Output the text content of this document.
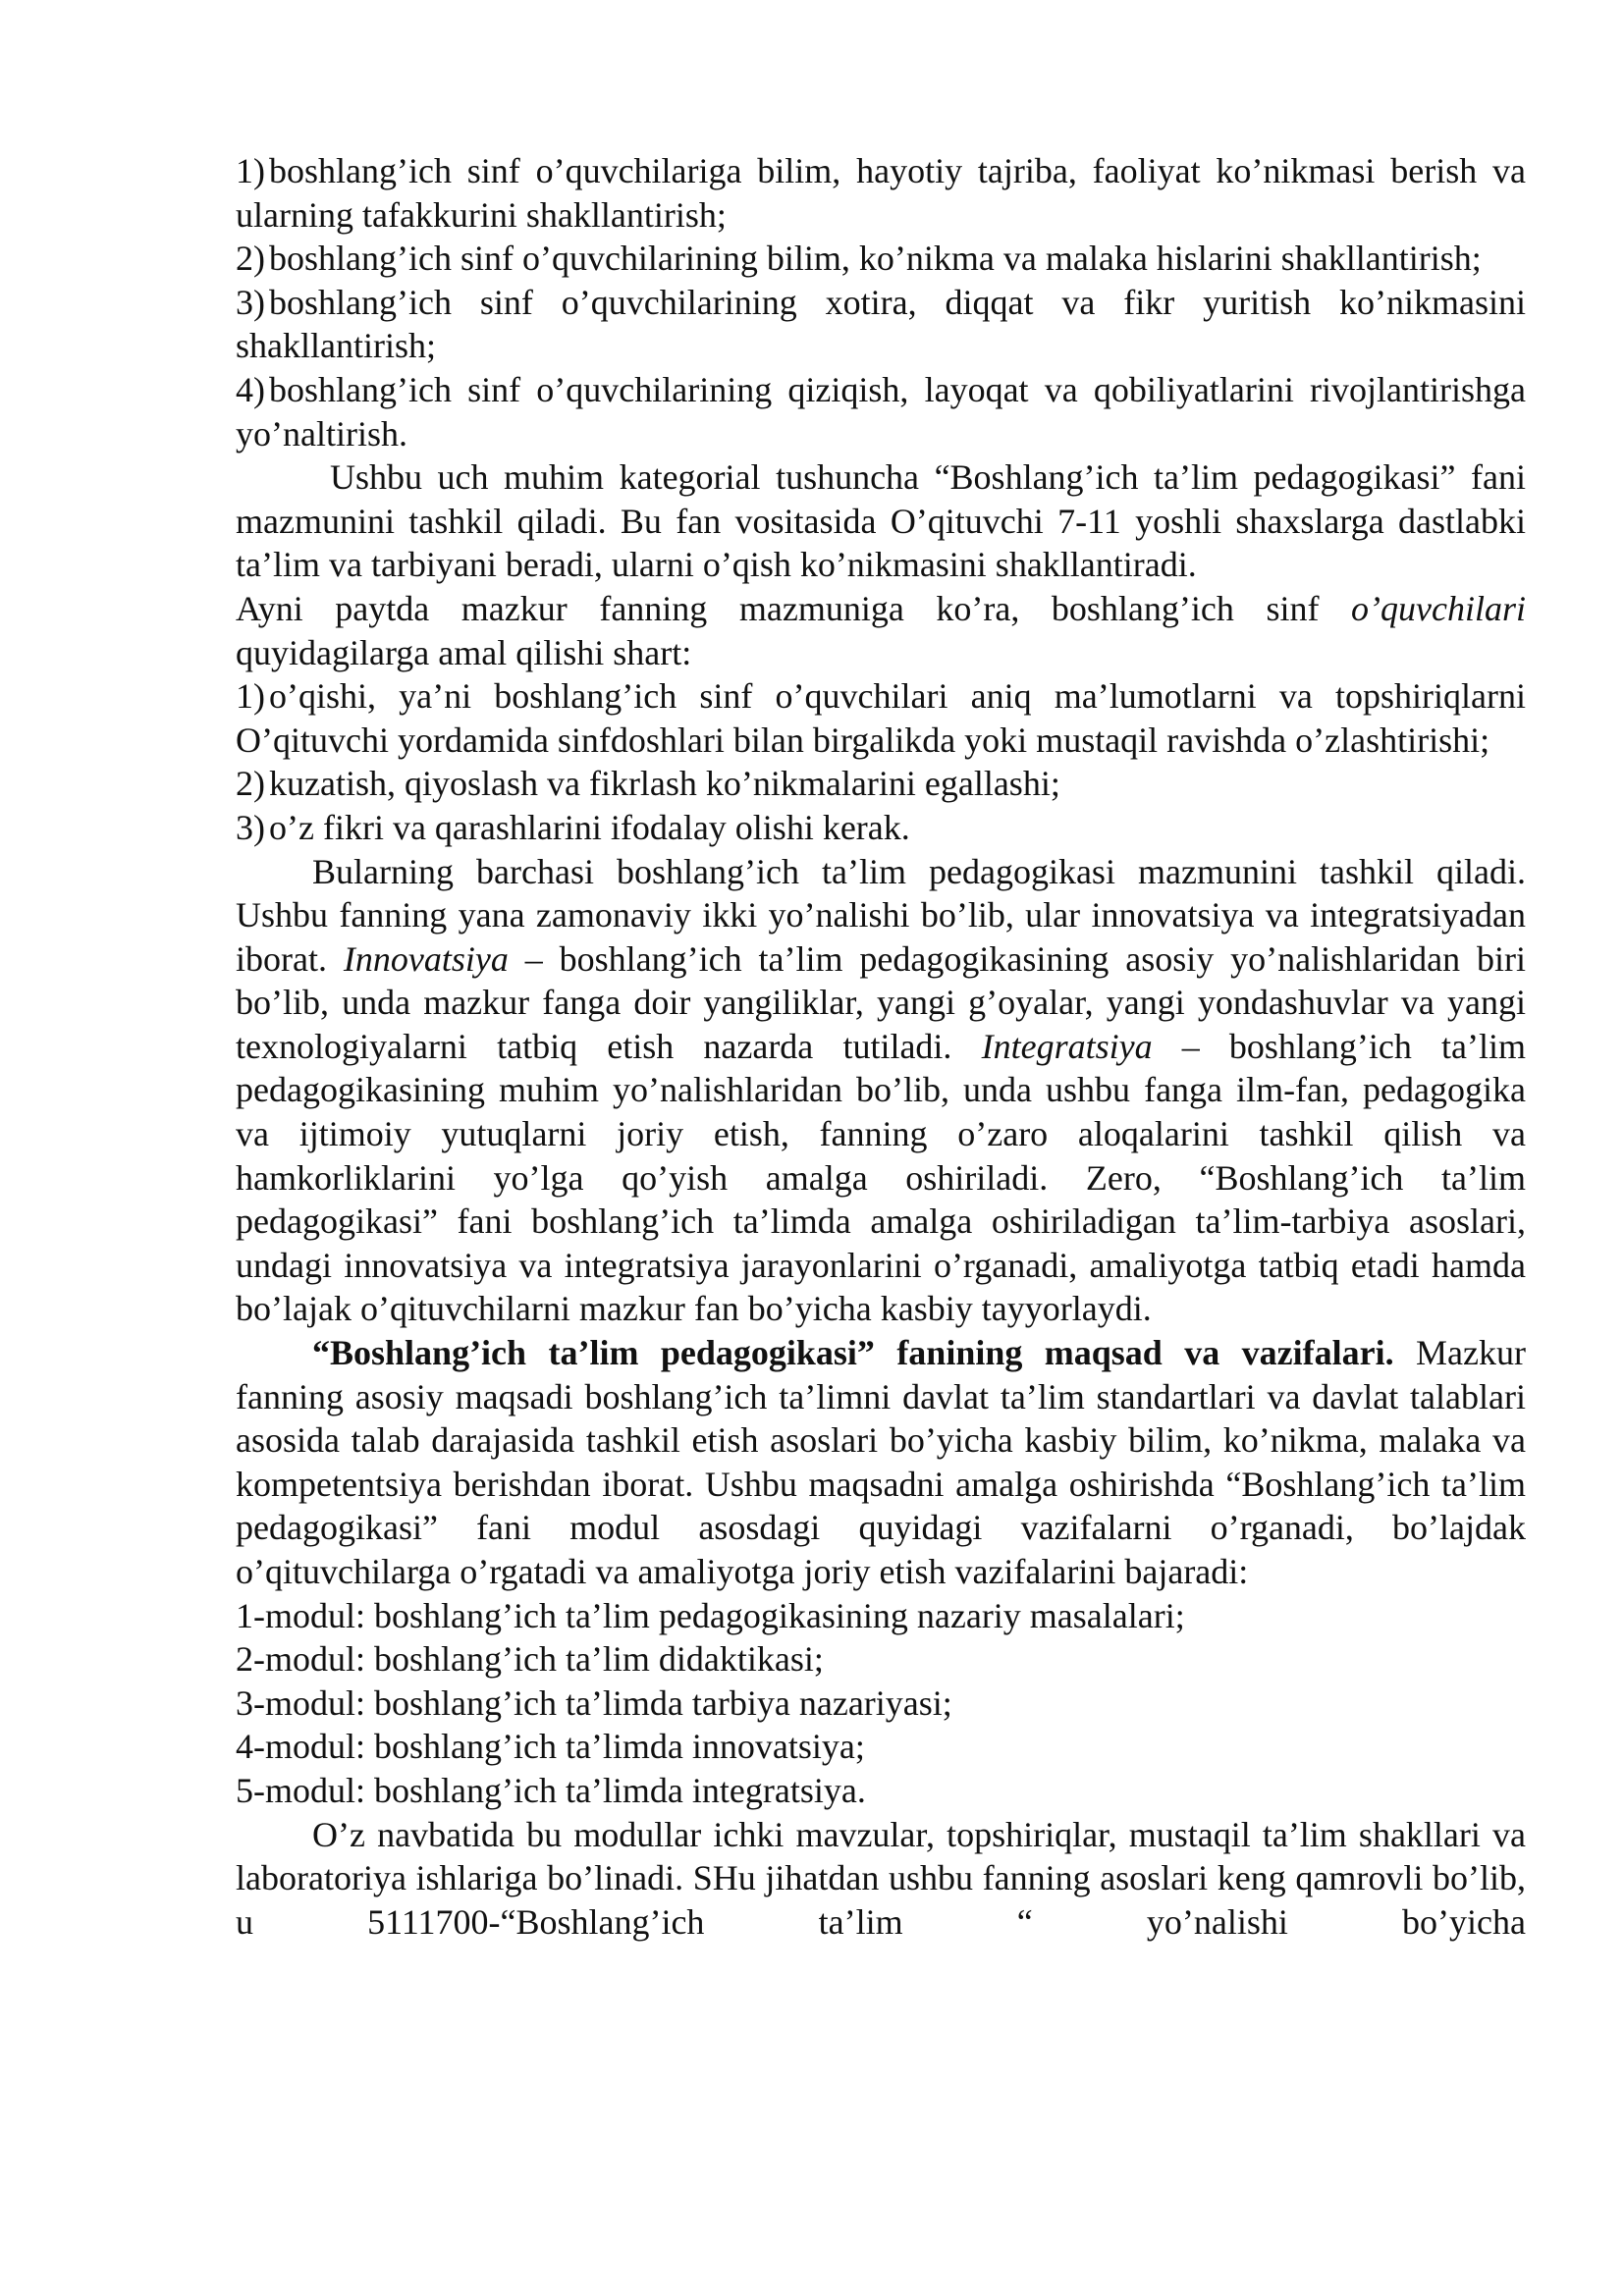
1) boshlang’ich sinf o’quvchilariga bilim, hayotiy tajriba, faoliyat ko’nikmasi berish va ularning tafakkurini shakllantirish;

2) boshlang’ich sinf o’quvchilarining bilim, ko’nikma va malaka hislarini shakllantirish;

3) boshlang’ich sinf o’quvchilarining xotira, diqqat va fikr yuritish ko’nikmasini shakllantirish;

4) boshlang’ich sinf o’quvchilarining qiziqish, layoqat va qobiliyatlarini rivojlantirishga yo’naltirish.

Ushbu uch muhim kategorial tushuncha “Boshlang’ich ta’lim pedagogikasi” fani mazmunini tashkil qiladi. Bu fan vositasida O’qituvchi 7-11 yoshli shaxslarga dastlabki ta’lim va tarbiyani beradi, ularni o’qish ko’nikmasini shakllantiradi.

Ayni paytda mazkur fanning mazmuniga ko’ra, boshlang’ich sinf o’quvchilari quyidagilarga amal qilishi shart:

1) o’qishi, ya’ni boshlang’ich sinf o’quvchilari aniq ma’lumotlarni va topshiriqlarni O’qituvchi yordamida sinfdoshlari bilan birgalikda yoki mustaqil ravishda o’zlashtirishi;

2) kuzatish, qiyoslash va fikrlash ko’nikmalarini egallashi;

3) o’z fikri va qarashlarini ifodalay olishi kerak.

Bularning barchasi boshlang’ich ta’lim pedagogikasi mazmunini tashkil qiladi. Ushbu fanning yana zamonaviy ikki yo’nalishi bo’lib, ular innovatsiya va integratsiyadan iborat. Innovatsiya – boshlang’ich ta’lim pedagogikasining asosiy yo’nalishlaridan biri bo’lib, unda mazkur fanga doir yangiliklar, yangi g’oyalar, yangi yondashuvlar va yangi texnologiyalarni tatbiq etish nazarda tutiladi. Integratsiya – boshlang’ich ta’lim pedagogikasining muhim yo’nalishlaridan bo’lib, unda ushbu fanga ilm-fan, pedagogika va ijtimoiy yutuqlarni joriy etish, fanning o’zaro aloqalarini tashkil qilish va hamkorliklarini yo’lga qo’yish amalga oshiriladi. Zero, “Boshlang’ich ta’lim pedagogikasi” fani boshlang’ich ta’limda amalga oshiriladigan ta’lim-tarbiya asoslari, undagi innovatsiya va integratsiya jarayonlarini o’rganadi, amaliyotga tatbiq etadi hamda bo’lajak o’qituvchilarni mazkur fan bo’yicha kasbiy tayyorlaydi.

“Boshlang’ich ta’lim pedagogikasi” fanining maqsad va vazifalari. Mazkur fanning asosiy maqsadi boshlang’ich ta’limni davlat ta’lim standartlari va davlat talablari asosida talab darajasida tashkil etish asoslari bo’yicha kasbiy bilim, ko’nikma, malaka va kompetentsiya berishdan iborat. Ushbu maqsadni amalga oshirishda “Boshlang’ich ta’lim pedagogikasi” fani modul asosdagi quyidagi vazifalarni o’rganadi, bo’lajdak o’qituvchilarga o’rgatadi va amaliyotga joriy etish vazifalarini bajaradi:

1-modul: boshlang’ich ta’lim pedagogikasining nazariy masalalari;

2-modul: boshlang’ich ta’lim didaktikasi;

3-modul: boshlang’ich ta’limda tarbiya nazariyasi;

4-modul: boshlang’ich ta’limda innovatsiya;

5-modul: boshlang’ich ta’limda integratsiya.

O’z navbatida bu modullar ichki mavzular, topshiriqlar, mustaqil ta’lim shakllari va laboratoriya ishlariga bo’linadi. SHu jihatdan ushbu fanning asoslari keng qamrovli bo’lib, u 5111700-“Boshlang’ich ta’lim “ yo’nalishi bo’yicha
